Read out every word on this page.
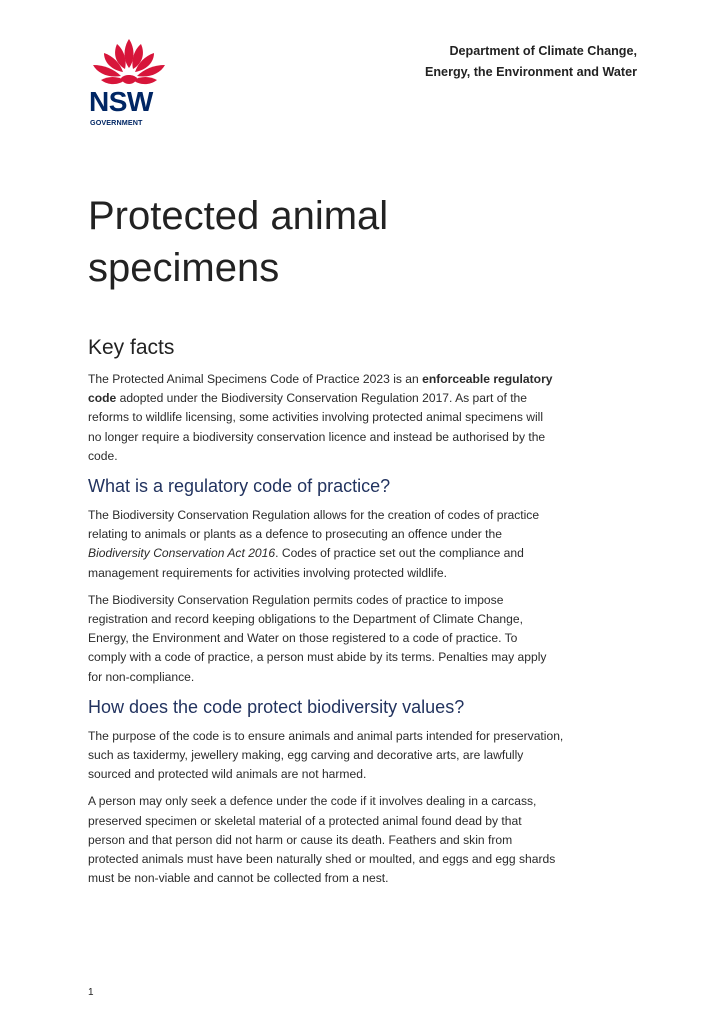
NSW
GOVERNMENT
Department of Climate Change,
Energy, the Environment and Water
Protected animal
specimens
Key facts

The Protected Animal Specimens Code of Practice 2023 is an enforceable regulatory
code adopted under the Biodiversity Conservation Regulation 2017. As part of the
reforms to wildlife licensing, some activities involving protected animal specimens will
no longer require a biodiversity conservation licence and instead be authorised by the
code.

What is a regulatory code of practice?

The Biodiversity Conservation Regulation allows for the creation of codes of practice
relating to animals or plants as a defence to prosecuting an offence under the
Biodiversity Conservation Act 2016. Codes of practice set out the compliance and
management requirements for activities involving protected wildlife.

The Biodiversity Conservation Regulation permits codes of practice to impose
registration and record keeping obligations to the Department of Climate Change,
Energy, the Environment and Water on those registered to a code of practice. To
comply with a code of practice, a person must abide by its terms. Penalties may apply
for non-compliance.

How does the code protect biodiversity values?

The purpose of the code is to ensure animals and animal parts intended for preservation,
such as taxidermy, jewellery making, egg carving and decorative arts, are lawfully
sourced and protected wild animals are not harmed.

A person may only seek a defence under the code if it involves dealing in a carcass,
preserved specimen or skeletal material of a protected animal found dead by that
person and that person did not harm or cause its death. Feathers and skin from
protected animals must have been naturally shed or moulted, and eggs and egg shards
must be non-viable and cannot be collected from a nest.

1
